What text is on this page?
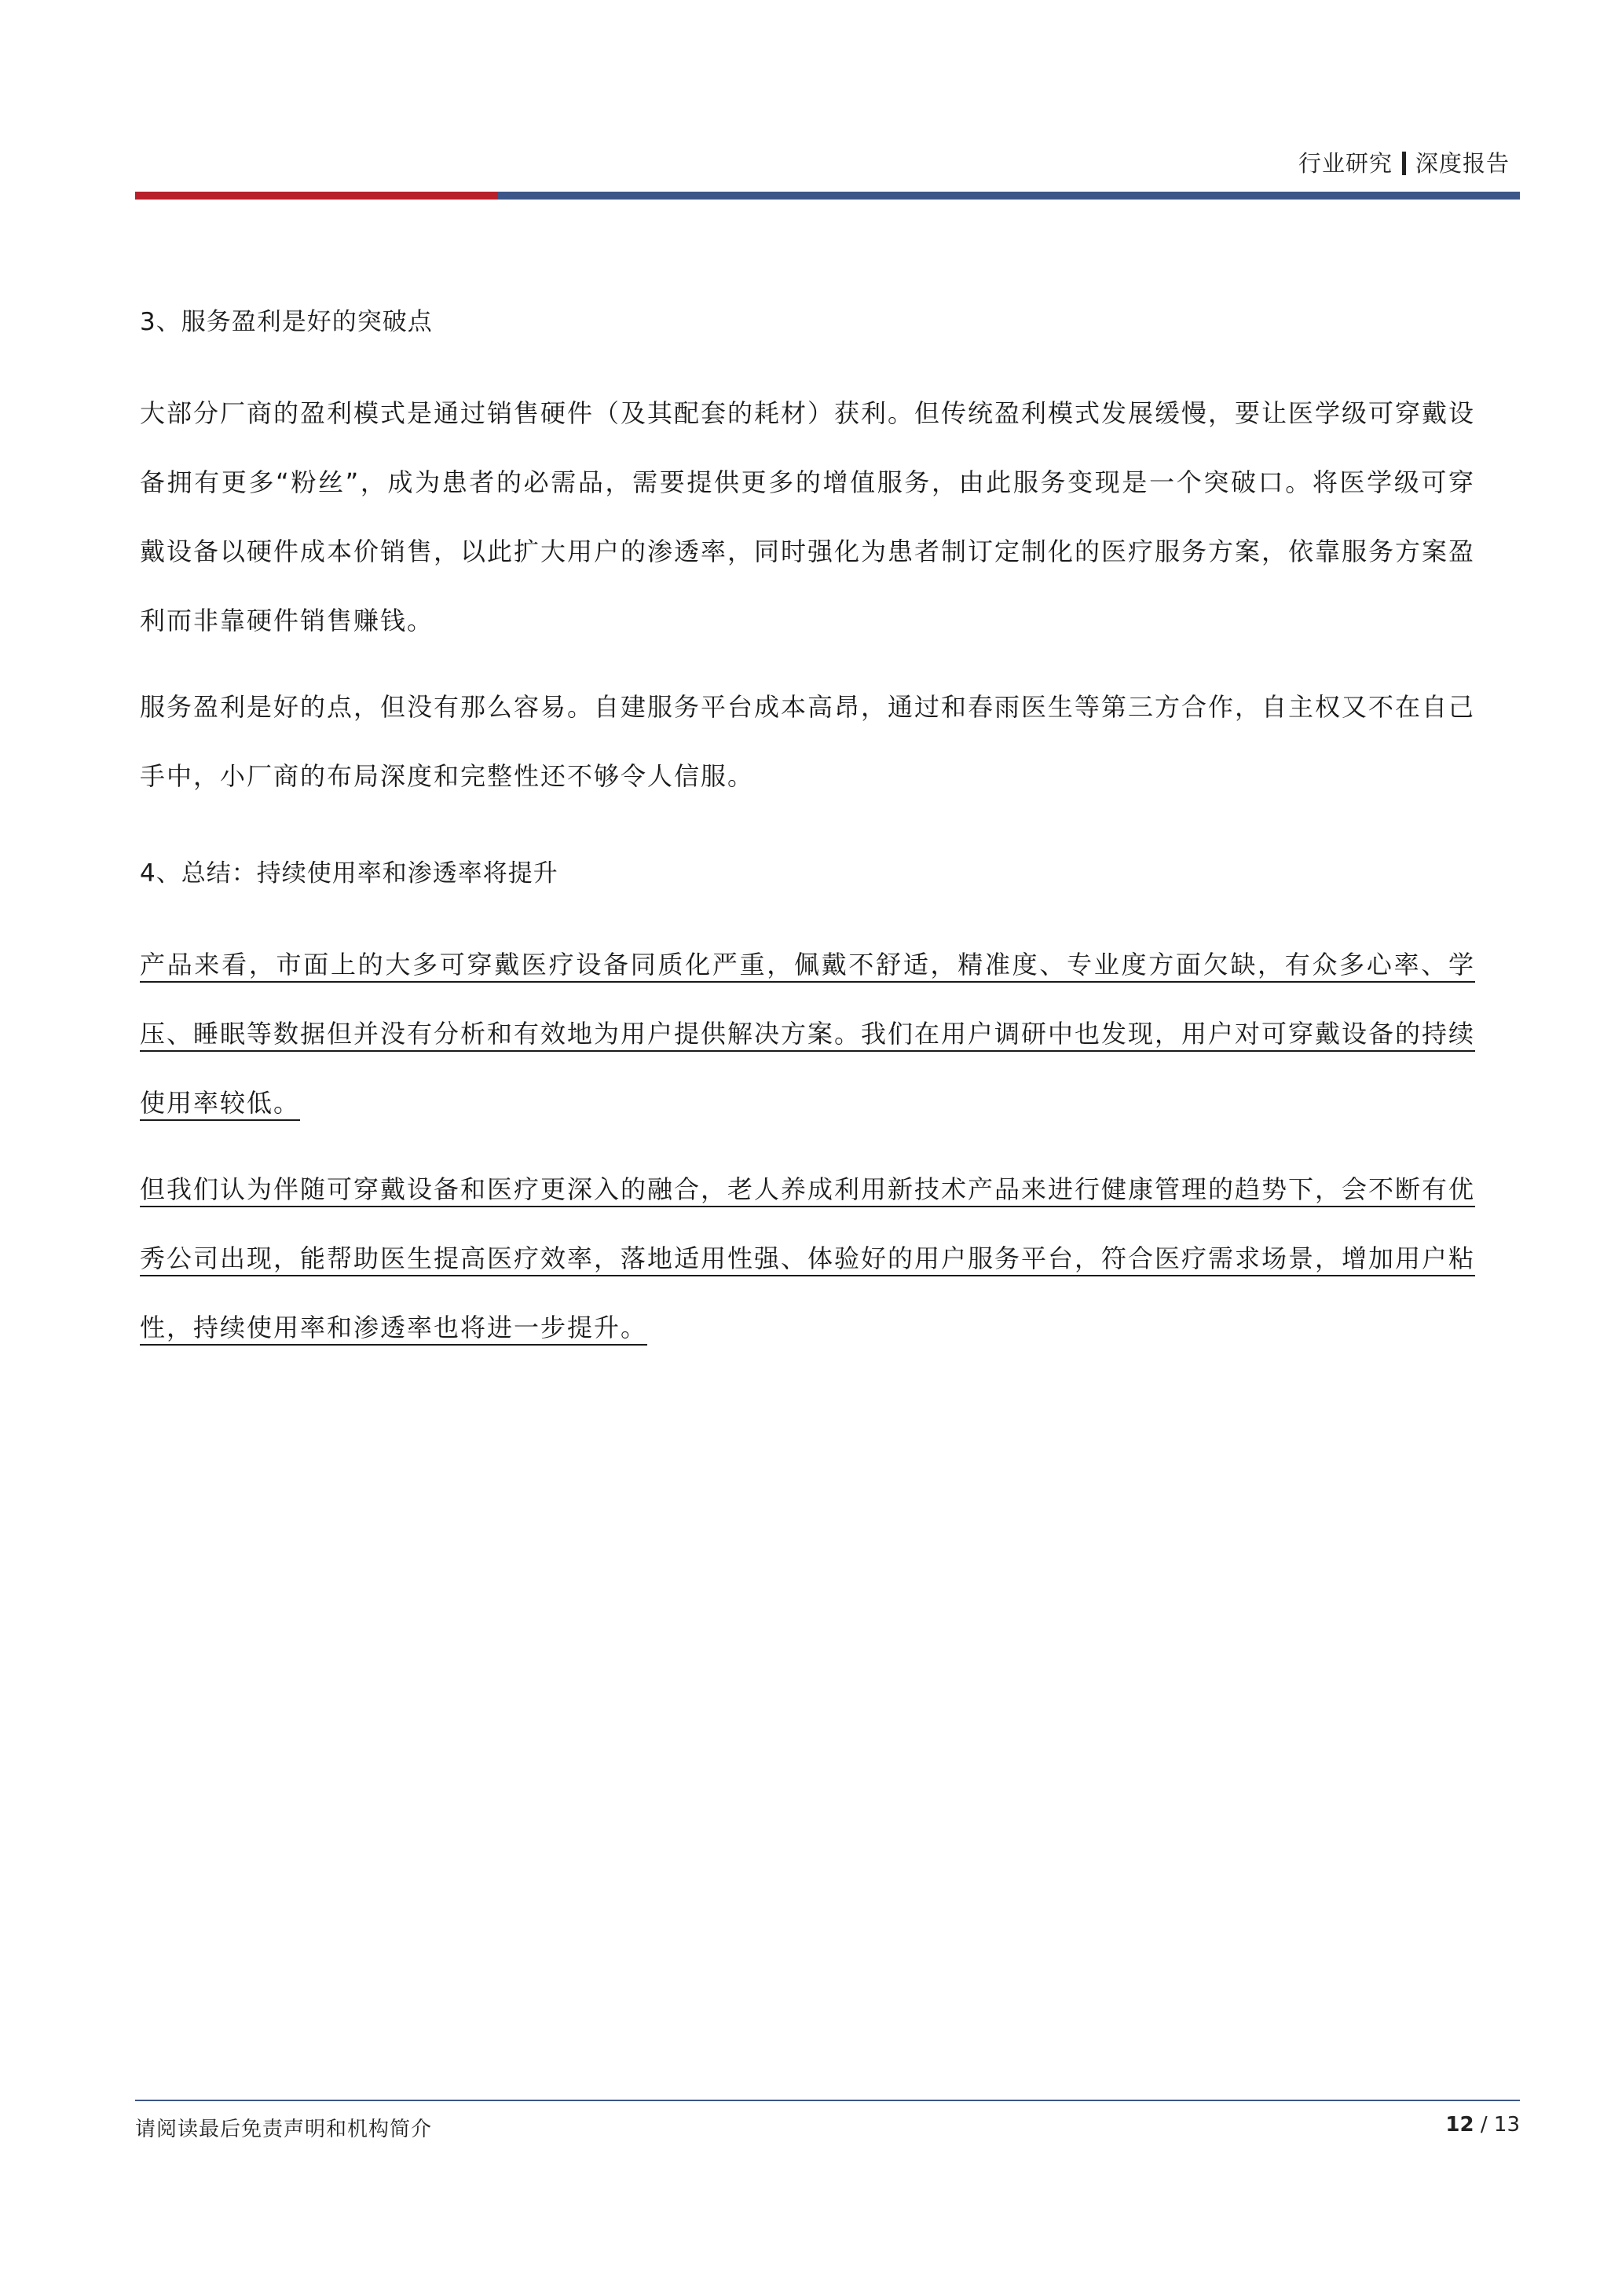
行业研究 深度报告
3、服务盈利是好的突破点

大部分厂商的盈利模式是通过销售硬件（及其配套的耗材）获利。但传统盈利模式发展缓慢，要让医学级可穿戴设备拥有更多“粉丝”，成为患者的必需品，需要提供更多的增值服务，由此服务变现是一个突破口。将医学级可穿戴设备以硬件成本价销售，以此扩大用户的渗透率，同时强化为患者制订定制化的医疗服务方案，依靠服务方案盈利而非靠硬件销售赚钱。

服务盈利是好的点，但没有那么容易。自建服务平台成本高昂，通过和春雨医生等第三方合作，自主权又不在自己手中，小厂商的布局深度和完整性还不够令人信服。

4、总结：持续使用率和渗透率将提升

产品来看，市面上的大多可穿戴医疗设备同质化严重，佩戴不舒适，精准度、专业度方面欠缺，有众多心率、学压、睡眠等数据但并没有分析和有效地为用户提供解决方案。我们在用户调研中也发现，用户对可穿戴设备的持续使用率较低。

但我们认为伴随可穿戴设备和医疗更深入的融合，老人养成利用新技术产品来进行健康管理的趋势下，会不断有优秀公司出现，能帮助医生提高医疗效率，落地适用性强、体验好的用户服务平台，符合医疗需求场景，增加用户粘性，持续使用率和渗透率也将进一步提升。

请阅读最后免责声明和机构简介	12 / 13
